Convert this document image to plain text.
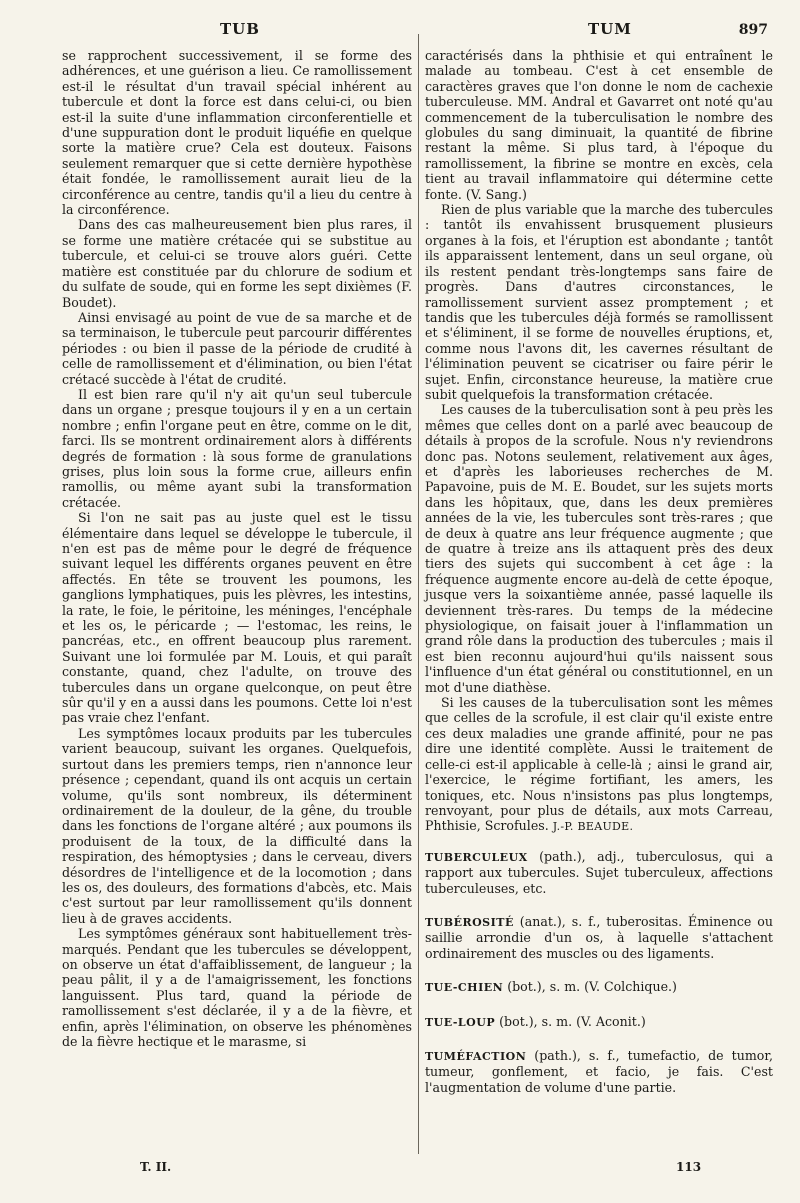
TUB	TUM	897

se rapprochent successivement, il se forme des adhérences, et une guérison a lieu. Ce ramollissement est-il le résultat d'un travail spécial inhérent au tubercule et dont la force est dans celui-ci, ou bien est-il la suite d'une inflammation circonferentielle et d'une suppuration dont le produit liquéfie en quelque sorte la matière crue? Cela est douteux. Faisons seulement remarquer que si cette dernière hypothèse était fondée, le ramollissement aurait lieu de la circonférence au centre, tandis qu'il a lieu du centre à la circonférence.

Dans des cas malheureusement bien plus rares, il se forme une matière crétacée qui se substitue au tubercule, et celui-ci se trouve alors guéri. Cette matière est constituée par du chlorure de sodium et du sulfate de soude, qui en forme les sept dixièmes (F. Boudet).

Ainsi envisagé au point de vue de sa marche et de sa terminaison, le tubercule peut parcourir différentes périodes : ou bien il passe de la période de crudité à celle de ramollissement et d'élimination, ou bien l'état crétacé succède à l'état de crudité.

Il est bien rare qu'il n'y ait qu'un seul tubercule dans un organe ; presque toujours il y en a un certain nombre ; enfin l'organe peut en être, comme on le dit, farci. Ils se montrent ordinairement alors à différents degrés de formation : là sous forme de granulations grises, plus loin sous la forme crue, ailleurs enfin ramollis, ou même ayant subi la transformation crétacée.

Si l'on ne sait pas au juste quel est le tissu élémentaire dans lequel se développe le tubercule, il n'en est pas de même pour le degré de fréquence suivant lequel les différents organes peuvent en être affectés. En tête se trouvent les poumons, les ganglions lymphatiques, puis les plèvres, les intestins, la rate, le foie, le péritoine, les méninges, l'encéphale et les os, le péricarde ; — l'estomac, les reins, le pancréas, etc., en offrent beaucoup plus rarement. Suivant une loi formulée par M. Louis, et qui paraît constante, quand, chez l'adulte, on trouve des tubercules dans un organe quelconque, on peut être sûr qu'il y en a aussi dans les poumons. Cette loi n'est pas vraie chez l'enfant.

Les symptômes locaux produits par les tubercules varient beaucoup, suivant les organes. Quelquefois, surtout dans les premiers temps, rien n'annonce leur présence ; cependant, quand ils ont acquis un certain volume, qu'ils sont nombreux, ils déterminent ordinairement de la douleur, de la gêne, du trouble dans les fonctions de l'organe altéré ; aux poumons ils produisent de la toux, de la difficulté dans la respiration, des hémoptysies ; dans le cerveau, divers désordres de l'intelligence et de la locomotion ; dans les os, des douleurs, des formations d'abcès, etc. Mais c'est surtout par leur ramollissement qu'ils donnent lieu à de graves accidents.

Les symptômes généraux sont habituellement très-marqués. Pendant que les tubercules se développent, on observe un état d'affaiblissement, de langueur ; la peau pâlit, il y a de l'amaigrissement, les fonctions languissent. Plus tard, quand la période de ramollissement s'est déclarée, il y a de la fièvre, et enfin, après l'élimination, on observe les phénomènes de la fièvre hectique et le marasme, si

caractérisés dans la phthisie et qui entraînent le malade au tombeau. C'est à cet ensemble de caractères graves que l'on donne le nom de cachexie tuberculeuse. MM. Andral et Gavarret ont noté qu'au commencement de la tuberculisation le nombre des globules du sang diminuait, la quantité de fibrine restant la même. Si plus tard, à l'époque du ramollissement, la fibrine se montre en excès, cela tient au travail inflammatoire qui détermine cette fonte. (V. Sang.)

Rien de plus variable que la marche des tubercules : tantôt ils envahissent brusquement plusieurs organes à la fois, et l'éruption est abondante ; tantôt ils apparaissent lentement, dans un seul organe, où ils restent pendant très-longtemps sans faire de progrès. Dans d'autres circonstances, le ramollissement survient assez promptement ; et tandis que les tubercules déjà formés se ramollissent et s'éliminent, il se forme de nouvelles éruptions, et, comme nous l'avons dit, les cavernes résultant de l'élimination peuvent se cicatriser ou faire périr le sujet. Enfin, circonstance heureuse, la matière crue subit quelquefois la transformation crétacée.

Les causes de la tuberculisation sont à peu près les mêmes que celles dont on a parlé avec beaucoup de détails à propos de la scrofule. Nous n'y reviendrons donc pas. Notons seulement, relativement aux âges, et d'après les laborieuses recherches de M. Papavoine, puis de M. E. Boudet, sur les sujets morts dans les hôpitaux, que, dans les deux premières années de la vie, les tubercules sont très-rares ; que de deux à quatre ans leur fréquence augmente ; que de quatre à treize ans ils attaquent près des deux tiers des sujets qui succombent à cet âge : la fréquence augmente encore au-delà de cette époque, jusque vers la soixantième année, passé laquelle ils deviennent très-rares. Du temps de la médecine physiologique, on faisait jouer à l'inflammation un grand rôle dans la production des tubercules ; mais il est bien reconnu aujourd'hui qu'ils naissent sous l'influence d'un état général ou constitutionnel, en un mot d'une diathèse.

Si les causes de la tuberculisation sont les mêmes que celles de la scrofule, il est clair qu'il existe entre ces deux maladies une grande affinité, pour ne pas dire une identité complète. Aussi le traitement de celle-ci est-il applicable à celle-là ; ainsi le grand air, l'exercice, le régime fortifiant, les amers, les toniques, etc. Nous n'insistons pas plus longtemps, renvoyant, pour plus de détails, aux mots Carreau, Phthisie, Scrofules. J.-P. BEAUDE.

TUBERCULEUX (path.), adj., tuberculosus, qui a rapport aux tubercules. Sujet tuberculeux, affections tuberculeuses, etc.

TUBÉROSITÉ (anat.), s. f., tuberositas. Éminence ou saillie arrondie d'un os, à laquelle s'attachent ordinairement des muscles ou des ligaments.

TUE-CHIEN (bot.), s. m. (V. Colchique.)

TUE-LOUP (bot.), s. m. (V. Aconit.)

TUMÉFACTION (path.), s. f., tumefactio, de tumor, tumeur, gonflement, et facio, je fais. C'est l'augmentation de volume d'une partie.

T. II.	113
